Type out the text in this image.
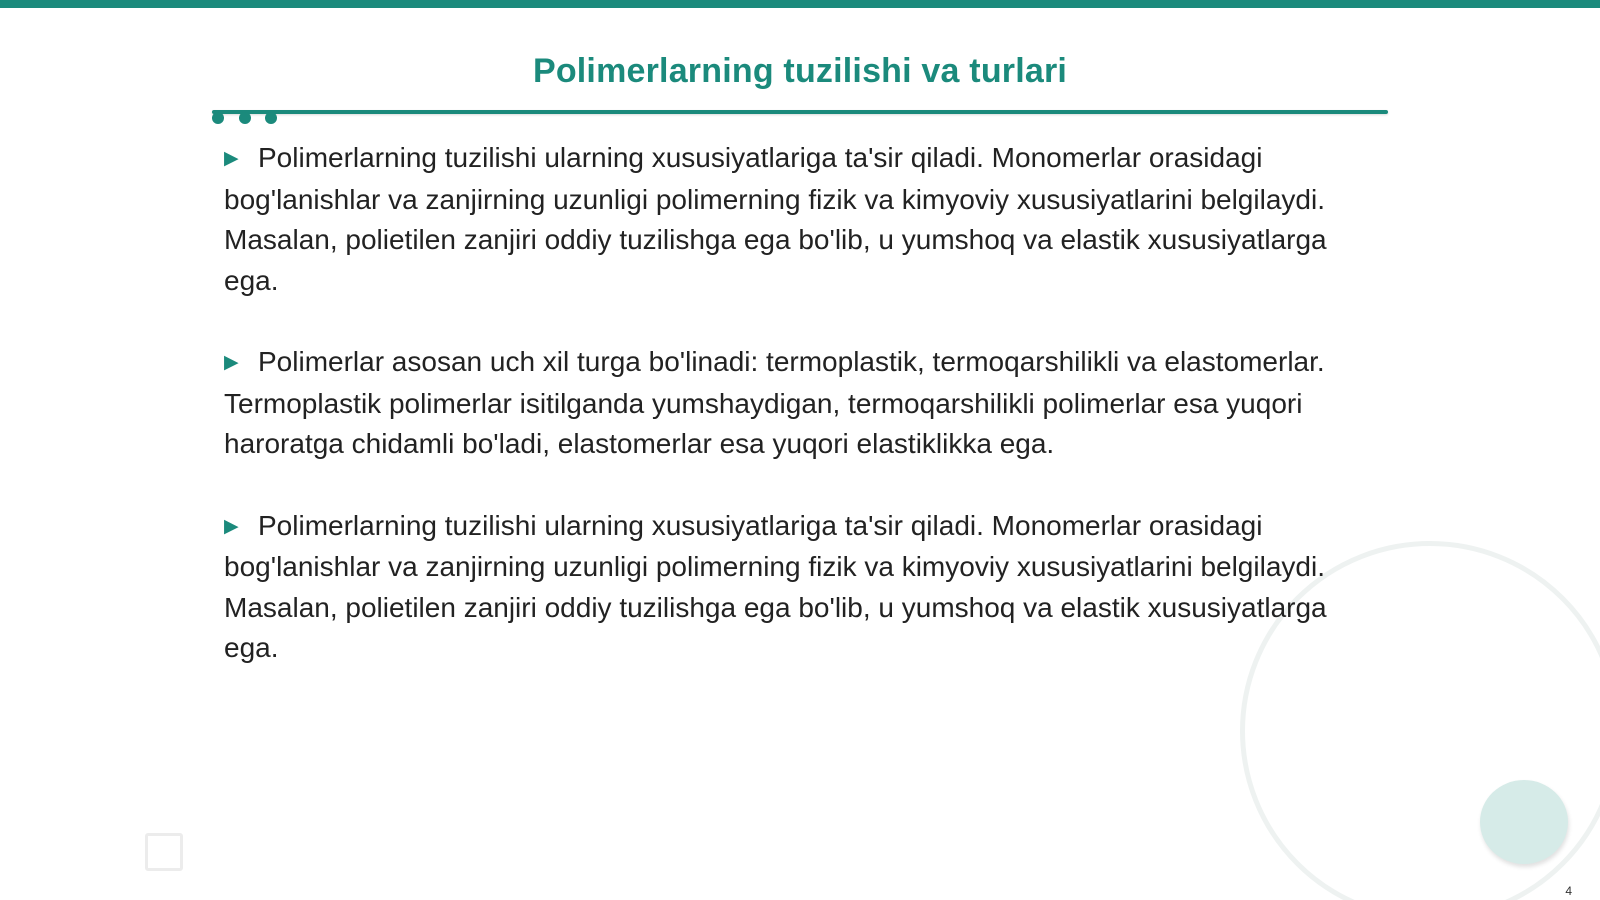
Polimerlarning tuzilishi va turlari

▶ Polimerlarning tuzilishi ularning xususiyatlariga ta'sir qiladi. Monomerlar orasidagi bog'lanishlar va zanjirning uzunligi polimerning fizik va kimyoviy xususiyatlarini belgilaydi. Masalan, polietilen zanjiri oddiy tuzilishga ega bo'lib, u yumshoq va elastik xususiyatlarga ega.

▶ Polimerlar asosan uch xil turga bo'linadi: termoplastik, termoqarshilikli va elastomerlar. Termoplastik polimerlar isitilganda yumshaydigan, termoqarshilikli polimerlar esa yuqori haroratga chidamli bo'ladi, elastomerlar esa yuqori elastiklikka ega.

▶ Polimerlarning tuzilishi ularning xususiyatlariga ta'sir qiladi. Monomerlar orasidagi bog'lanishlar va zanjirning uzunligi polimerning fizik va kimyoviy xususiyatlarini belgilaydi. Masalan, polietilen zanjiri oddiy tuzilishga ega bo'lib, u yumshoq va elastik xususiyatlarga ega.

4
